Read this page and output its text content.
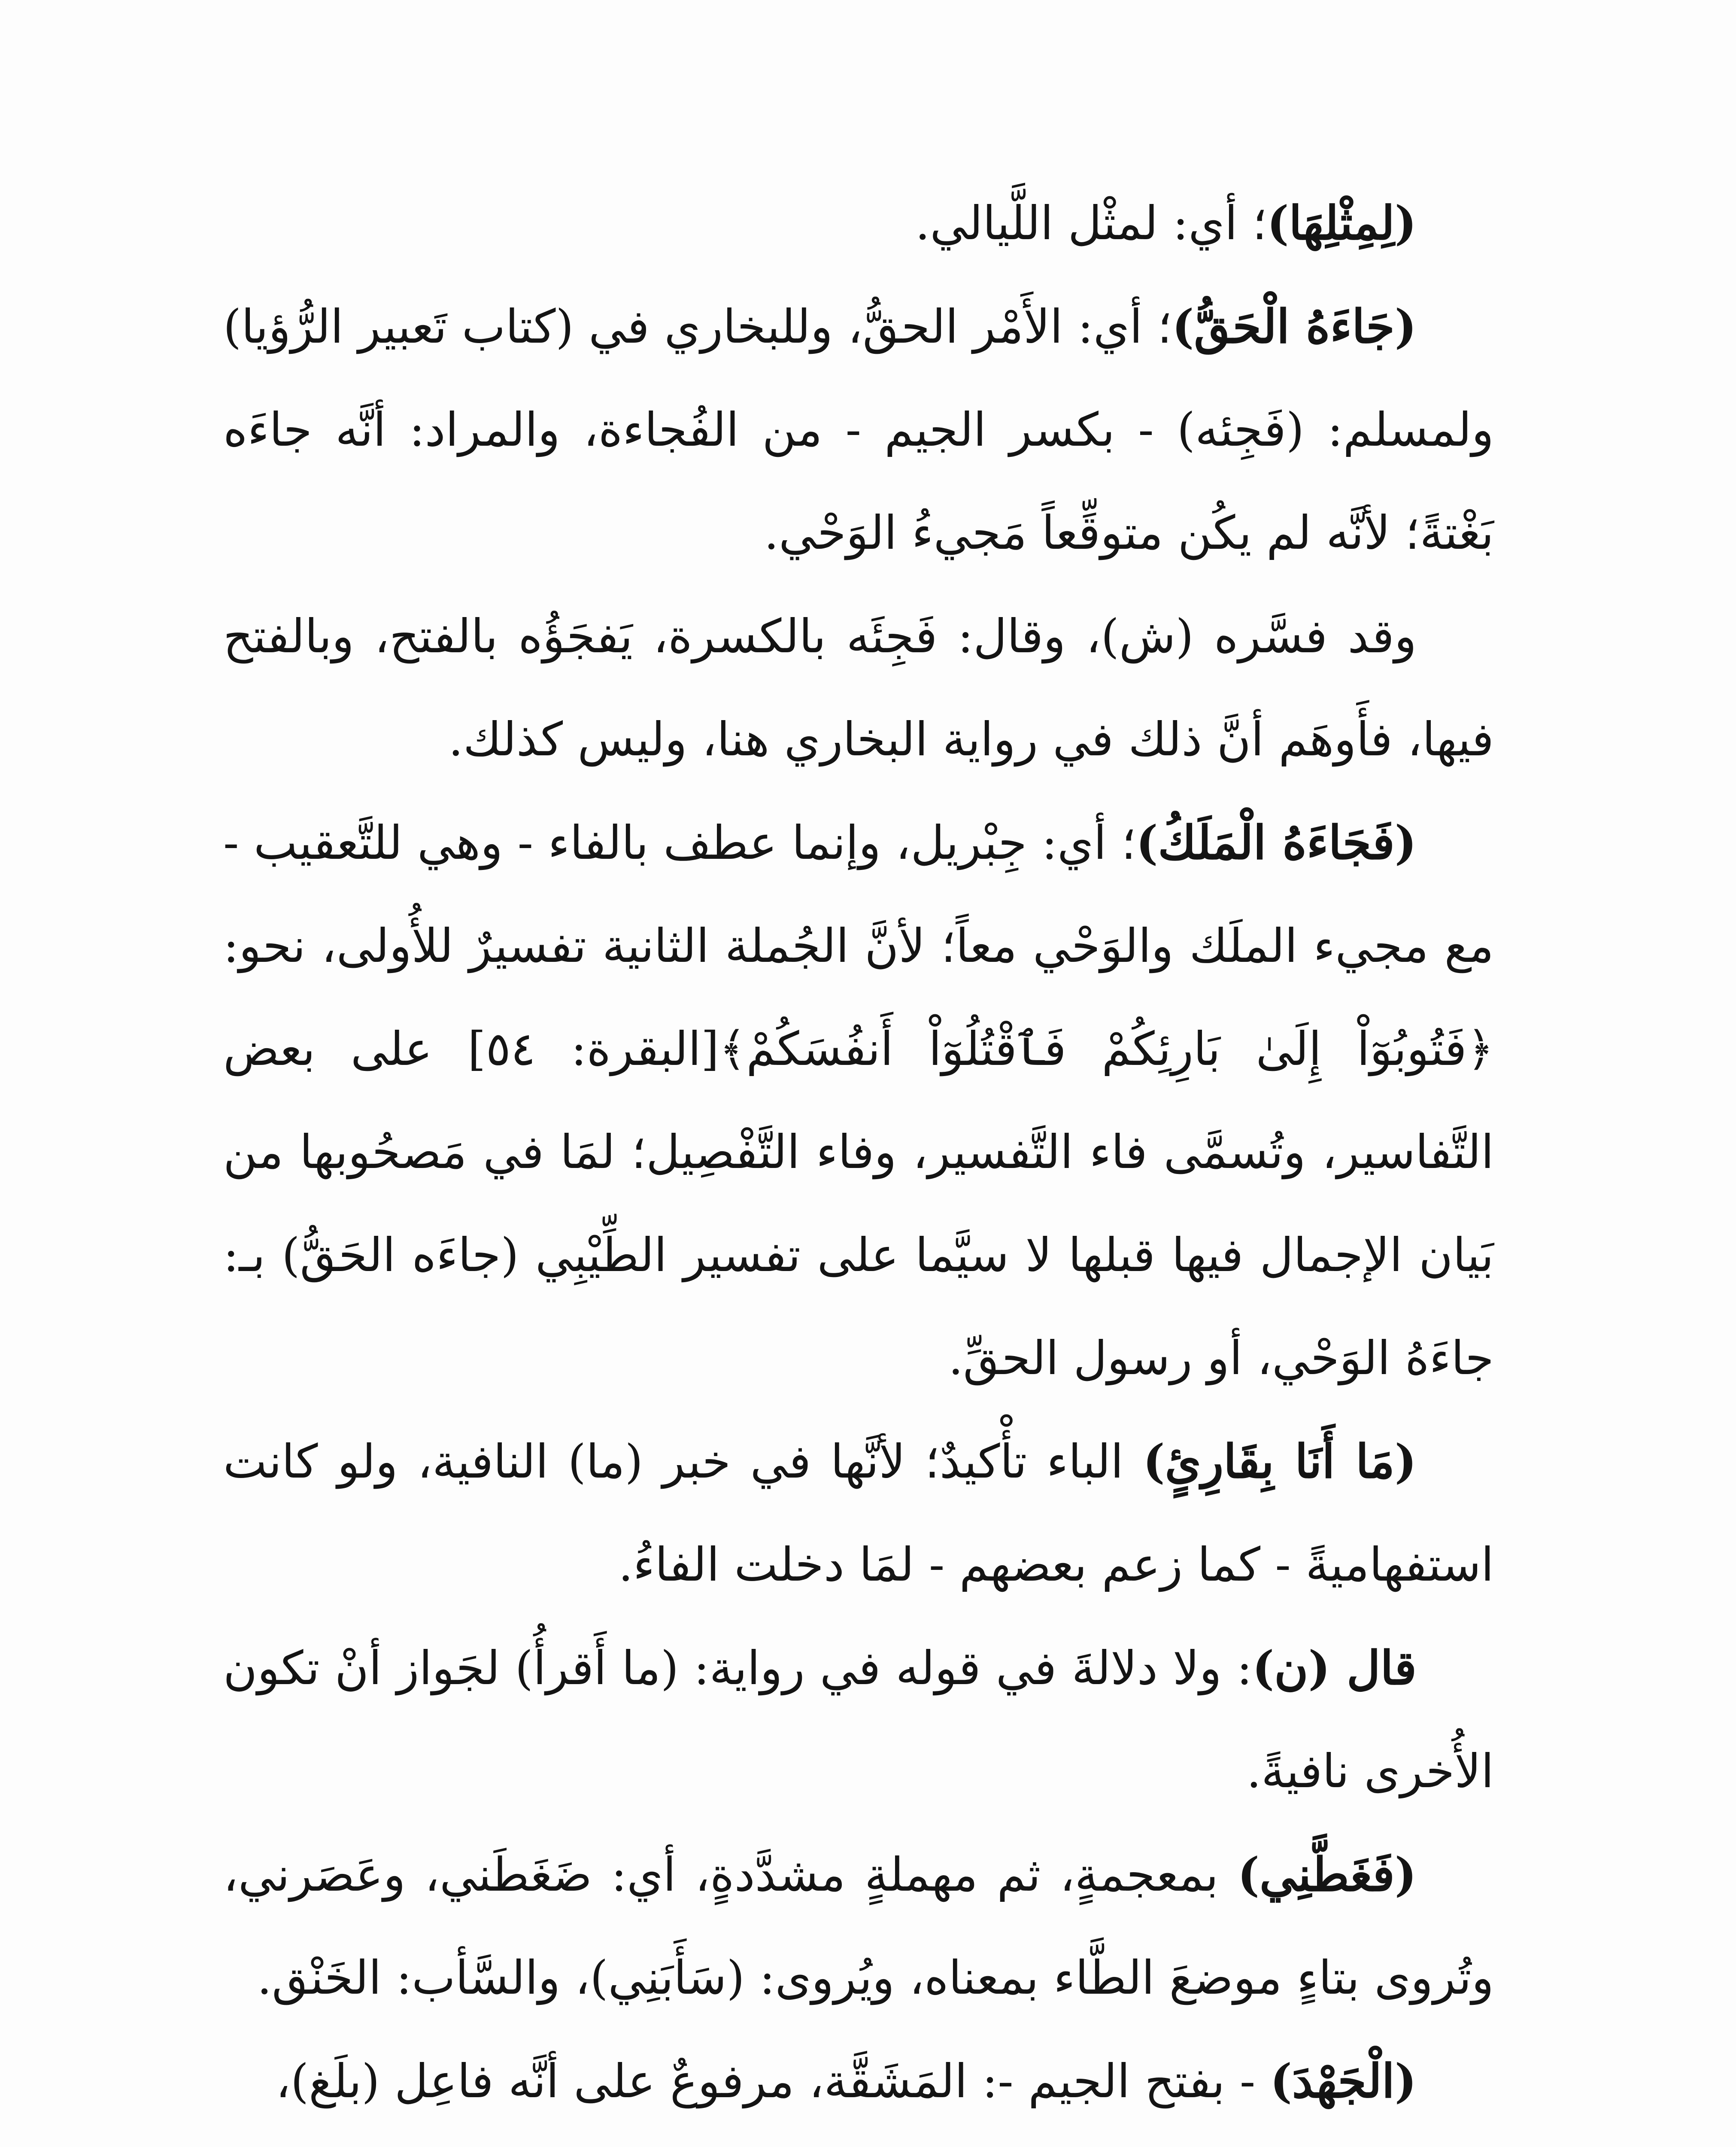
(لِمِثْلِهَا)؛ أي: لمثْل اللَّيالي.

(جَاءَهُ الْحَقُّ)؛ أي: الأَمْر الحقُّ، وللبخاري في (كتاب تَعبير الرُّؤيا) ولمسلم: (فَجِئه) - بكسر الجيم - من الفُجاءة، والمراد: أنَّه جاءَه بَغْتةً؛ لأنَّه لم يكُن متوقِّعاً مَجيءُ الوَحْي.

وقد فسَّره (ش)، وقال: فَجِئَه بالكسرة، يَفجَؤُه بالفتح، وبالفتح فيها، فأَوهَم أنَّ ذلك في رواية البخاري هنا، وليس كذلك.

(فَجَاءَهُ الْمَلَكُ)؛ أي: جِبْريل، وإنما عطف بالفاء - وهي للتَّعقيب - مع مجيء الملَك والوَحْي معاً؛ لأنَّ الجُملة الثانية تفسيرٌ للأُولى، نحو: ﴿فَتُوبُوٓاْ إِلَىٰ بَارِئِكُمْ فَٱقْتُلُوٓاْ أَنفُسَكُمْ﴾[البقرة: ٥٤] على بعض التَّفاسير، وتُسمَّى فاء التَّفسير، وفاء التَّفْصِيل؛ لمَا في مَصحُوبها من بَيان الإجمال فيها قبلها لا سيَّما على تفسير الطِّيْبِي (جاءَه الحَقُّ) بـ: جاءَهُ الوَحْي، أو رسول الحقِّ.

(مَا أَنَا بِقَارِئٍ) الباء تأْكيدٌ؛ لأنَّها في خبر (ما) النافية، ولو كانت استفهاميةً - كما زعم بعضهم - لمَا دخلت الفاءُ.

قال (ن): ولا دلالةَ في قوله في رواية: (ما أَقرأُ) لجَواز أنْ تكون الأُخرى نافيةً.

(فَغَطَّنِي) بمعجمةٍ، ثم مهملةٍ مشدَّدةٍ، أي: ضَغَطَني، وعَصَرني، وتُروى بتاءٍ موضعَ الطَّاء بمعناه، ويُروى: (سَأَبَنِي)، والسَّأب: الخَنْق.

(الْجَهْدَ) - بفتح الجيم -: المَشَقَّة، مرفوعٌ على أنَّه فاعِل (بلَغ)،
